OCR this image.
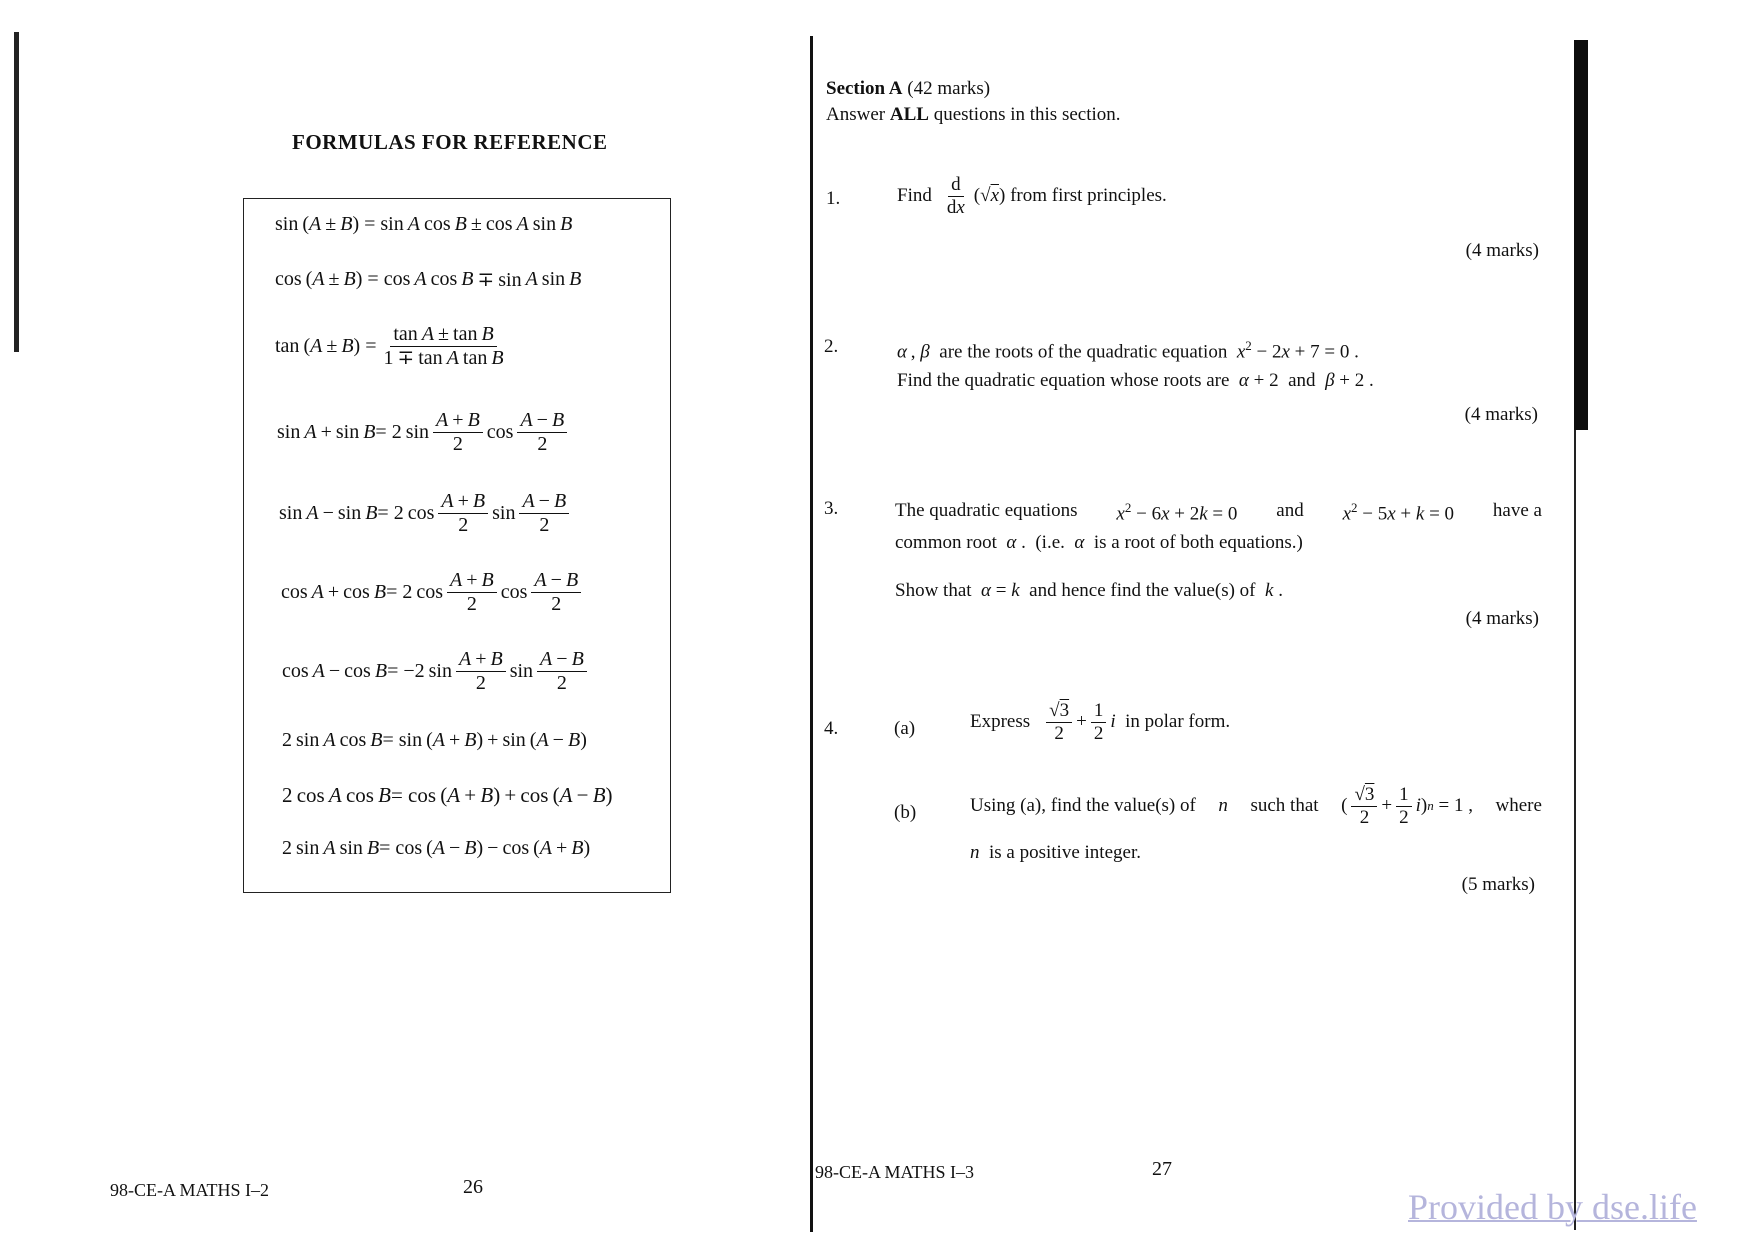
FORMULAS FOR REFERENCE
sin ( A  ±  B ) = sin  A  cos  B  ± cos  A  sin  B
cos ( A  ±  B ) = cos  A  cos  B  ∓ sin  A  sin  B
tan ( A  ±  B ) = $\frac{\text{tan A ± tan B}}{\text{1 ∓ tan A tan B}}$
sin  A  + sin  B = 2 $\sin \frac{A + B}{2}$ $\cos \frac{A - B}{2}$
sin  A  − sin  B = 2 $\cos \frac{A + B}{2}$ $\sin \frac{A - B}{2}$
cos  A  + cos  B = 2 $\cos \frac{A + B}{2}$ $\cos \frac{A - B}{2}$
cos  A  − cos  B = −2 $\sin \frac{A + B}{2}$ $\sin \frac{A - B}{2}$
2 sin  A  cos  B = sin ( A  +  B ) + sin ( A  −  B )
2 cos  A  cos  B = cos ( A  +  B ) + cos ( A  −  B )
2 sin  A  sin  B = cos ( A  −  B ) − cos ( A  +  B )
98-CE-A MATHS I–2	26
Section A (42 marks)
Answer ALL questions in this section.
1.	Find $\frac{d}{dx} (√x)$
from first principles.
(4 marks)
2.	α , β are the roots of the quadratic equation $x^2 - 2x + 7 = 0$ .
Find the quadratic equation whose roots are α + 2  and β + 2 .
(4 marks)
3.	The quadratic equations $x^2 - 6x + 2k = 0$ and $x^2 - 5x + k = 0$ have a
common root α .  (i.e. α is a root of both equations.)
Show that α = k and hence find the value(s) of k .
(4 marks)
4.	(a)	Express $\frac{√3}{2} + \frac{1}{2}$ i
in polar form.
(b)	Using (a), find the value(s) of n such that ( $\frac{√3}{2} + \frac{1}{2}$ i ) n = 1 , where
n is a positive integer.
(5 marks)
98-CE-A MATHS I–3	27
Provided by dse.life
